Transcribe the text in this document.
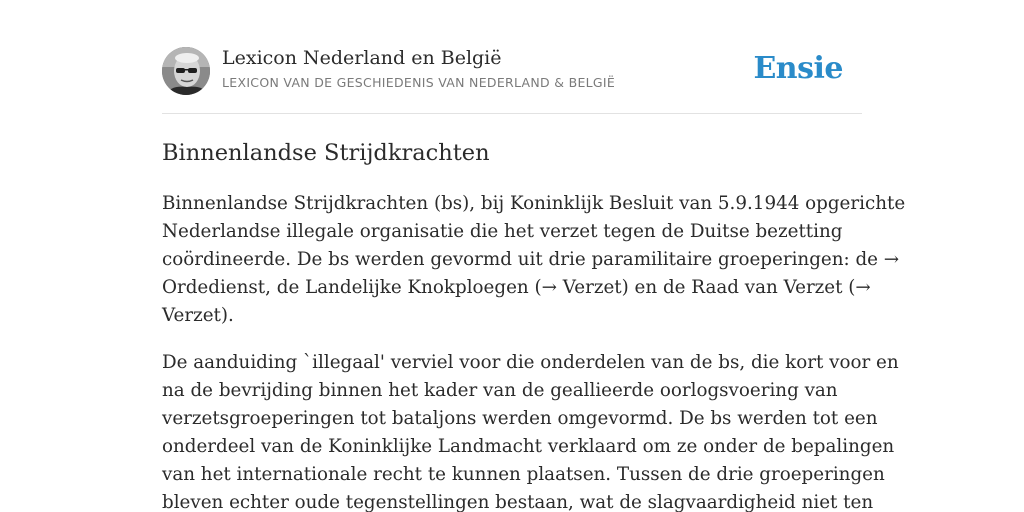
Lexicon Nederland en België
LEXICON VAN DE GESCHIEDENIS VAN NEDERLAND & BELGIË	Ensie
Binnenlandse Strijdkrachten

Binnenlandse Strijdkrachten (bs), bij Koninklijk Besluit van 5.9.1944 opgerichte
Nederlandse illegale organisatie die het verzet tegen de Duitse bezetting
coördineerde. De bs werden gevormd uit drie paramilitaire groeperingen: de →
Ordedienst, de Landelijke Knokploegen (→ Verzet) en de Raad van Verzet (→
Verzet).

De aanduiding `illegaal' verviel voor die onderdelen van de bs, die kort voor en
na de bevrijding binnen het kader van de geallieerde oorlogsvoering van
verzetsgroeperingen tot bataljons werden omgevormd. De bs werden tot een
onderdeel van de Koninklijke Landmacht verklaard om ze onder de bepalingen
van het internationale recht te kunnen plaatsen. Tussen de drie groeperingen
bleven echter oude tegenstellingen bestaan, wat de slagvaardigheid niet ten
